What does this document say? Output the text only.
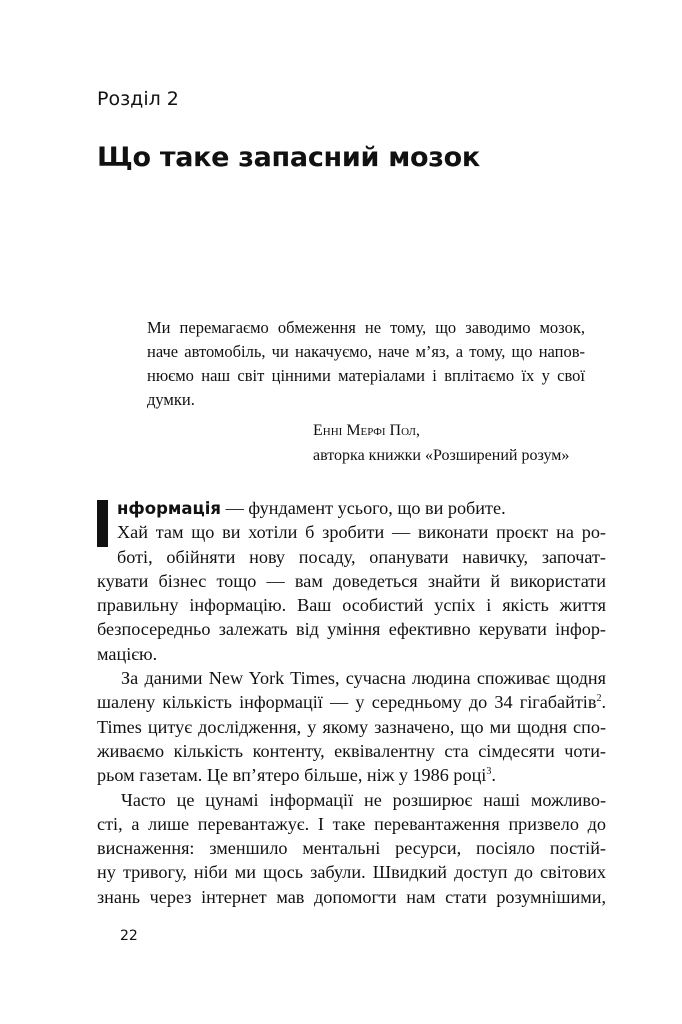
Розділ 2
Що таке запасний мозок
Ми перемагаємо обмеження не тому, що заводимо мозок,
наче автомобіль, чи накачуємо, наче м’яз, а тому, що напов-
нюємо наш світ цінними матеріалами і вплітаємо їх у свої
думки.
Енні Мерфі Пол,
авторка книжки «Розширений розум»
нформація — фундамент усього, що ви робите.
Хай там що ви хотіли б зробити — виконати проєкт на ро-
боті, обійняти нову посаду, опанувати навичку, започат-
кувати бізнес тощо — вам доведеться знайти й використати
правильну інформацію. Ваш особистий успіх і якість життя
безпосередньо залежать від уміння ефективно керувати інфор-
мацією.
За даними New York Times, сучасна людина споживає щодня
шалену кількість інформації — у середньому до 34 гігабайтів$^2$.
Times цитує дослідження, у якому зазначено, що ми щодня спо-
живаємо кількість контенту, еквівалентну ста сімдесяти чоти-
рьом газетам. Це вп’ятеро більше, ніж у 1986 році$^3$.
Часто це цунамі інформації не розширює наші можливо-
сті, а лише перевантажує. І таке перевантаження призвело до
виснаження: зменшило ментальні ресурси, посіяло постій-
ну тривогу, ніби ми щось забули. Швидкий доступ до світових
знань через інтернет мав допомогти нам стати розумнішими,
22
